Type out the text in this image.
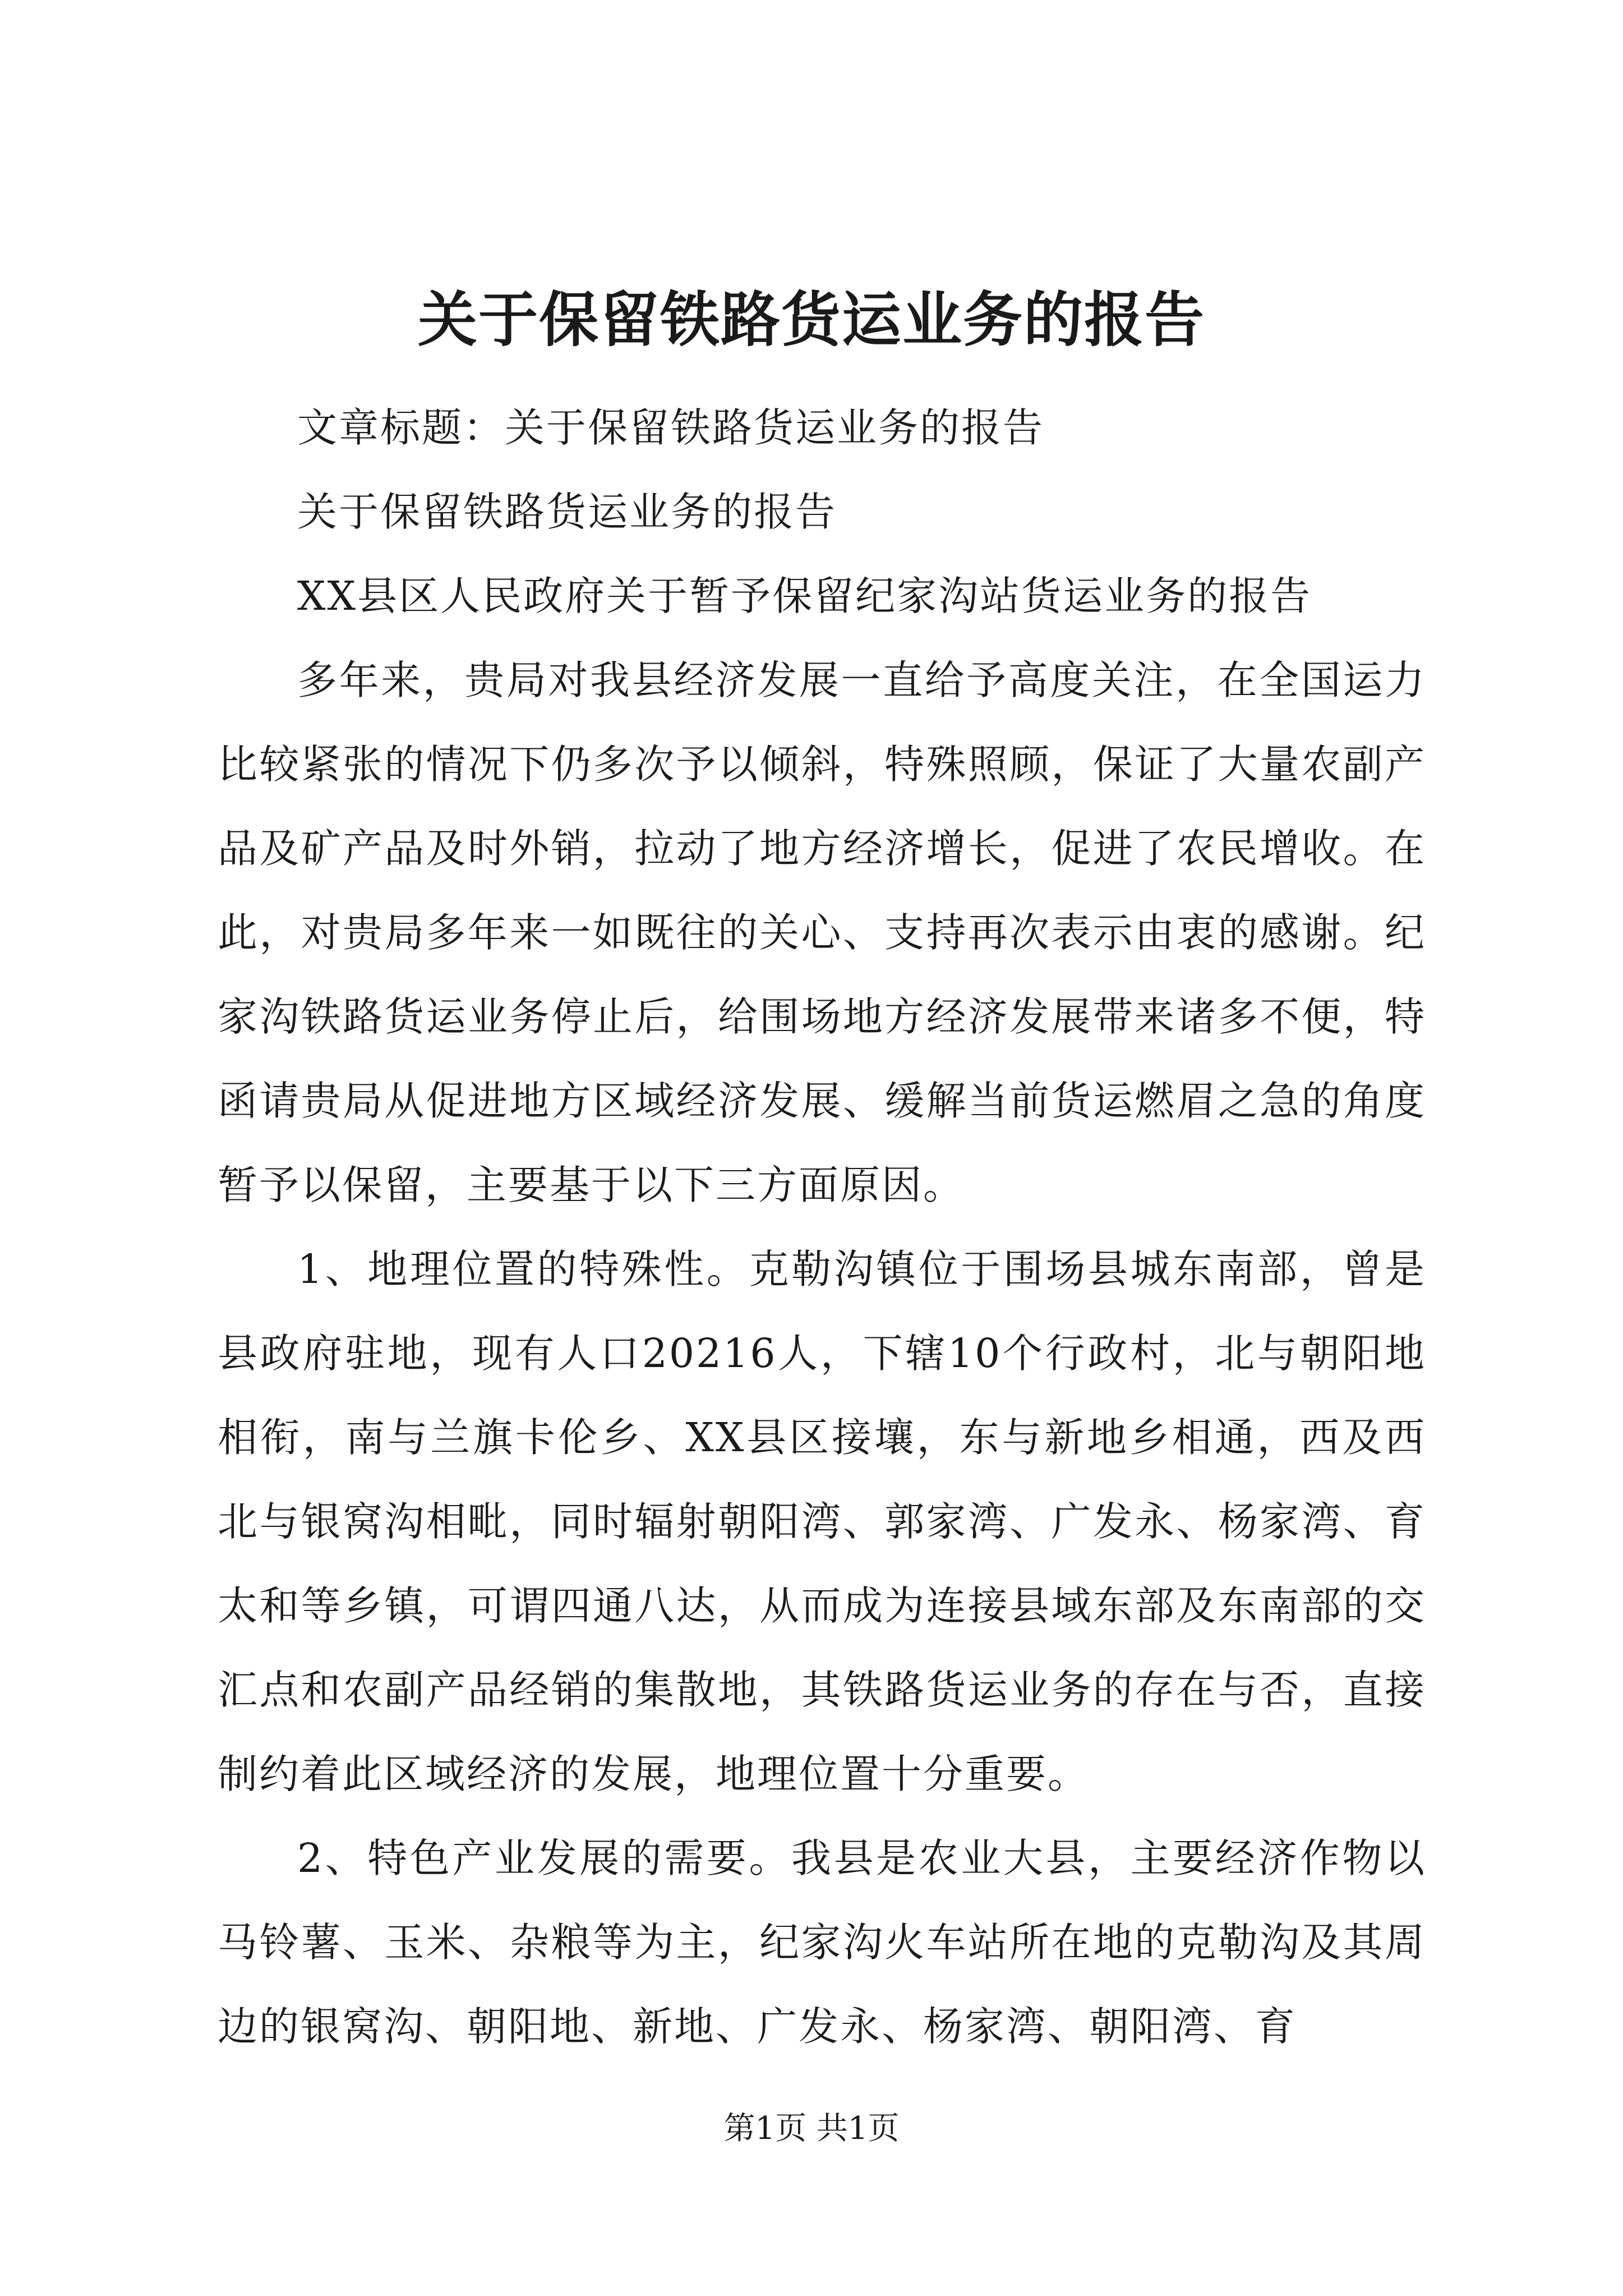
关于保留铁路货运业务的报告

文章标题：关于保留铁路货运业务的报告

关于保留铁路货运业务的报告

XX县区人民政府关于暂予保留纪家沟站货运业务的报告

多年来，贵局对我县经济发展一直给予高度关注，在全国运力比较紧张的情况下仍多次予以倾斜，特殊照顾，保证了大量农副产品及矿产品及时外销，拉动了地方经济增长，促进了农民增收。在此，对贵局多年来一如既往的关心、支持再次表示由衷的感谢。纪家沟铁路货运业务停止后，给围场地方经济发展带来诸多不便，特函请贵局从促进地方区域经济发展、缓解当前货运燃眉之急的角度暂予以保留，主要基于以下三方面原因。

1、地理位置的特殊性。克勒沟镇位于围场县城东南部，曾是县政府驻地，现有人口20216人，下辖10个行政村，北与朝阳地相衔，南与兰旗卡伦乡、XX县区接壤，东与新地乡相通，西及西北与银窝沟相毗，同时辐射朝阳湾、郭家湾、广发永、杨家湾、育太和等乡镇，可谓四通八达，从而成为连接县域东部及东南部的交汇点和农副产品经销的集散地，其铁路货运业务的存在与否，直接制约着此区域经济的发展，地理位置十分重要。

2、特色产业发展的需要。我县是农业大县，主要经济作物以马铃薯、玉米、杂粮等为主，纪家沟火车站所在地的克勒沟及其周边的银窝沟、朝阳地、新地、广发永、杨家湾、朝阳湾、育

第1页 共1页
